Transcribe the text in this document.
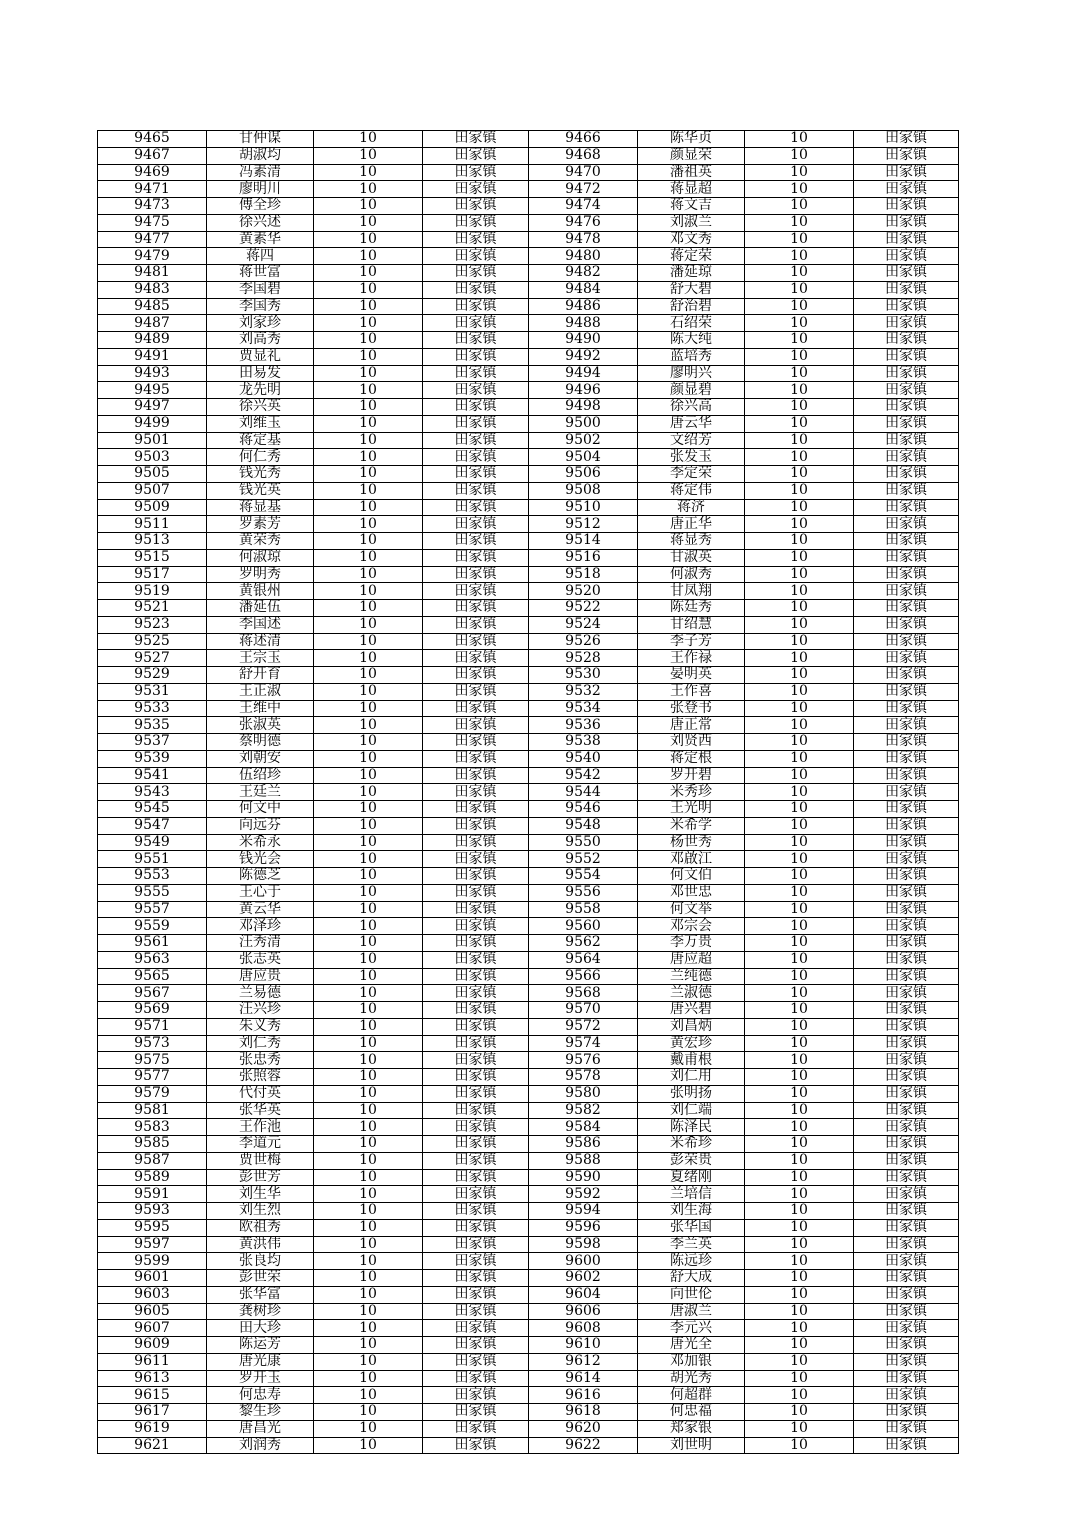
9465	甘仲谋	10	田家镇	9466	陈华贞	10	田家镇
9467	胡淑均	10	田家镇	9468	颜显荣	10	田家镇
9469	冯素清	10	田家镇	9470	潘祖英	10	田家镇
9471	廖明川	10	田家镇	9472	蒋显超	10	田家镇
9473	傅全珍	10	田家镇	9474	蒋文吉	10	田家镇
9475	徐兴述	10	田家镇	9476	刘淑兰	10	田家镇
9477	黄素华	10	田家镇	9478	邓文秀	10	田家镇
9479	蒋四	10	田家镇	9480	蒋定荣	10	田家镇
9481	蒋世富	10	田家镇	9482	潘延琼	10	田家镇
9483	李国碧	10	田家镇	9484	舒大碧	10	田家镇
9485	李国秀	10	田家镇	9486	舒治碧	10	田家镇
9487	刘家珍	10	田家镇	9488	石绍荣	10	田家镇
9489	刘高秀	10	田家镇	9490	陈大纯	10	田家镇
9491	贾显礼	10	田家镇	9492	蓝培秀	10	田家镇
9493	田易发	10	田家镇	9494	廖明兴	10	田家镇
9495	龙先明	10	田家镇	9496	颜显碧	10	田家镇
9497	徐兴英	10	田家镇	9498	徐兴高	10	田家镇
9499	刘维玉	10	田家镇	9500	唐云华	10	田家镇
9501	蒋定基	10	田家镇	9502	文绍芳	10	田家镇
9503	何仁秀	10	田家镇	9504	张发玉	10	田家镇
9505	钱光秀	10	田家镇	9506	李定荣	10	田家镇
9507	钱光英	10	田家镇	9508	蒋定伟	10	田家镇
9509	蒋显基	10	田家镇	9510	蒋济	10	田家镇
9511	罗素芳	10	田家镇	9512	唐正华	10	田家镇
9513	黄荣秀	10	田家镇	9514	蒋显秀	10	田家镇
9515	何淑琼	10	田家镇	9516	甘淑英	10	田家镇
9517	罗明秀	10	田家镇	9518	何淑秀	10	田家镇
9519	黄银州	10	田家镇	9520	甘凤翔	10	田家镇
9521	潘延伍	10	田家镇	9522	陈廷秀	10	田家镇
9523	李国述	10	田家镇	9524	甘绍慧	10	田家镇
9525	蒋述清	10	田家镇	9526	李子芳	10	田家镇
9527	王宗玉	10	田家镇	9528	王作禄	10	田家镇
9529	舒开育	10	田家镇	9530	晏明英	10	田家镇
9531	王正淑	10	田家镇	9532	王作喜	10	田家镇
9533	王维中	10	田家镇	9534	张登书	10	田家镇
9535	张淑英	10	田家镇	9536	唐正常	10	田家镇
9537	蔡明德	10	田家镇	9538	刘贤西	10	田家镇
9539	刘朝安	10	田家镇	9540	蒋定根	10	田家镇
9541	伍绍珍	10	田家镇	9542	罗开碧	10	田家镇
9543	王廷兰	10	田家镇	9544	米秀珍	10	田家镇
9545	何文中	10	田家镇	9546	王光明	10	田家镇
9547	向远芬	10	田家镇	9548	米希学	10	田家镇
9549	米希永	10	田家镇	9550	杨世秀	10	田家镇
9551	钱光会	10	田家镇	9552	邓啟江	10	田家镇
9553	陈德芝	10	田家镇	9554	何文伯	10	田家镇
9555	王心于	10	田家镇	9556	邓世忠	10	田家镇
9557	黄云华	10	田家镇	9558	何文举	10	田家镇
9559	邓泽珍	10	田家镇	9560	邓宗会	10	田家镇
9561	汪秀清	10	田家镇	9562	李万贵	10	田家镇
9563	张志英	10	田家镇	9564	唐应超	10	田家镇
9565	唐应贵	10	田家镇	9566	兰纯德	10	田家镇
9567	兰易德	10	田家镇	9568	兰淑德	10	田家镇
9569	汪兴珍	10	田家镇	9570	唐兴碧	10	田家镇
9571	朱义秀	10	田家镇	9572	刘昌炳	10	田家镇
9573	刘仁秀	10	田家镇	9574	黄宏珍	10	田家镇
9575	张忠秀	10	田家镇	9576	戴甫根	10	田家镇
9577	张照蓉	10	田家镇	9578	刘仁用	10	田家镇
9579	代付英	10	田家镇	9580	张明扬	10	田家镇
9581	张华英	10	田家镇	9582	刘仁端	10	田家镇
9583	王作池	10	田家镇	9584	陈泽民	10	田家镇
9585	李道元	10	田家镇	9586	米希珍	10	田家镇
9587	贾世梅	10	田家镇	9588	彭荣贵	10	田家镇
9589	彭世芳	10	田家镇	9590	夏绪刚	10	田家镇
9591	刘生华	10	田家镇	9592	兰培信	10	田家镇
9593	刘生烈	10	田家镇	9594	刘生海	10	田家镇
9595	欧祖秀	10	田家镇	9596	张华国	10	田家镇
9597	黄洪伟	10	田家镇	9598	李兰英	10	田家镇
9599	张良均	10	田家镇	9600	陈远珍	10	田家镇
9601	彭世荣	10	田家镇	9602	舒大成	10	田家镇
9603	张华富	10	田家镇	9604	向世伦	10	田家镇
9605	龚树珍	10	田家镇	9606	唐淑兰	10	田家镇
9607	田大珍	10	田家镇	9608	李元兴	10	田家镇
9609	陈运芳	10	田家镇	9610	唐光全	10	田家镇
9611	唐光康	10	田家镇	9612	邓加银	10	田家镇
9613	罗开玉	10	田家镇	9614	胡光秀	10	田家镇
9615	何忠寿	10	田家镇	9616	何超群	10	田家镇
9617	黎生珍	10	田家镇	9618	何忠福	10	田家镇
9619	唐昌光	10	田家镇	9620	郑家银	10	田家镇
9621	刘润秀	10	田家镇	9622	刘世明	10	田家镇
